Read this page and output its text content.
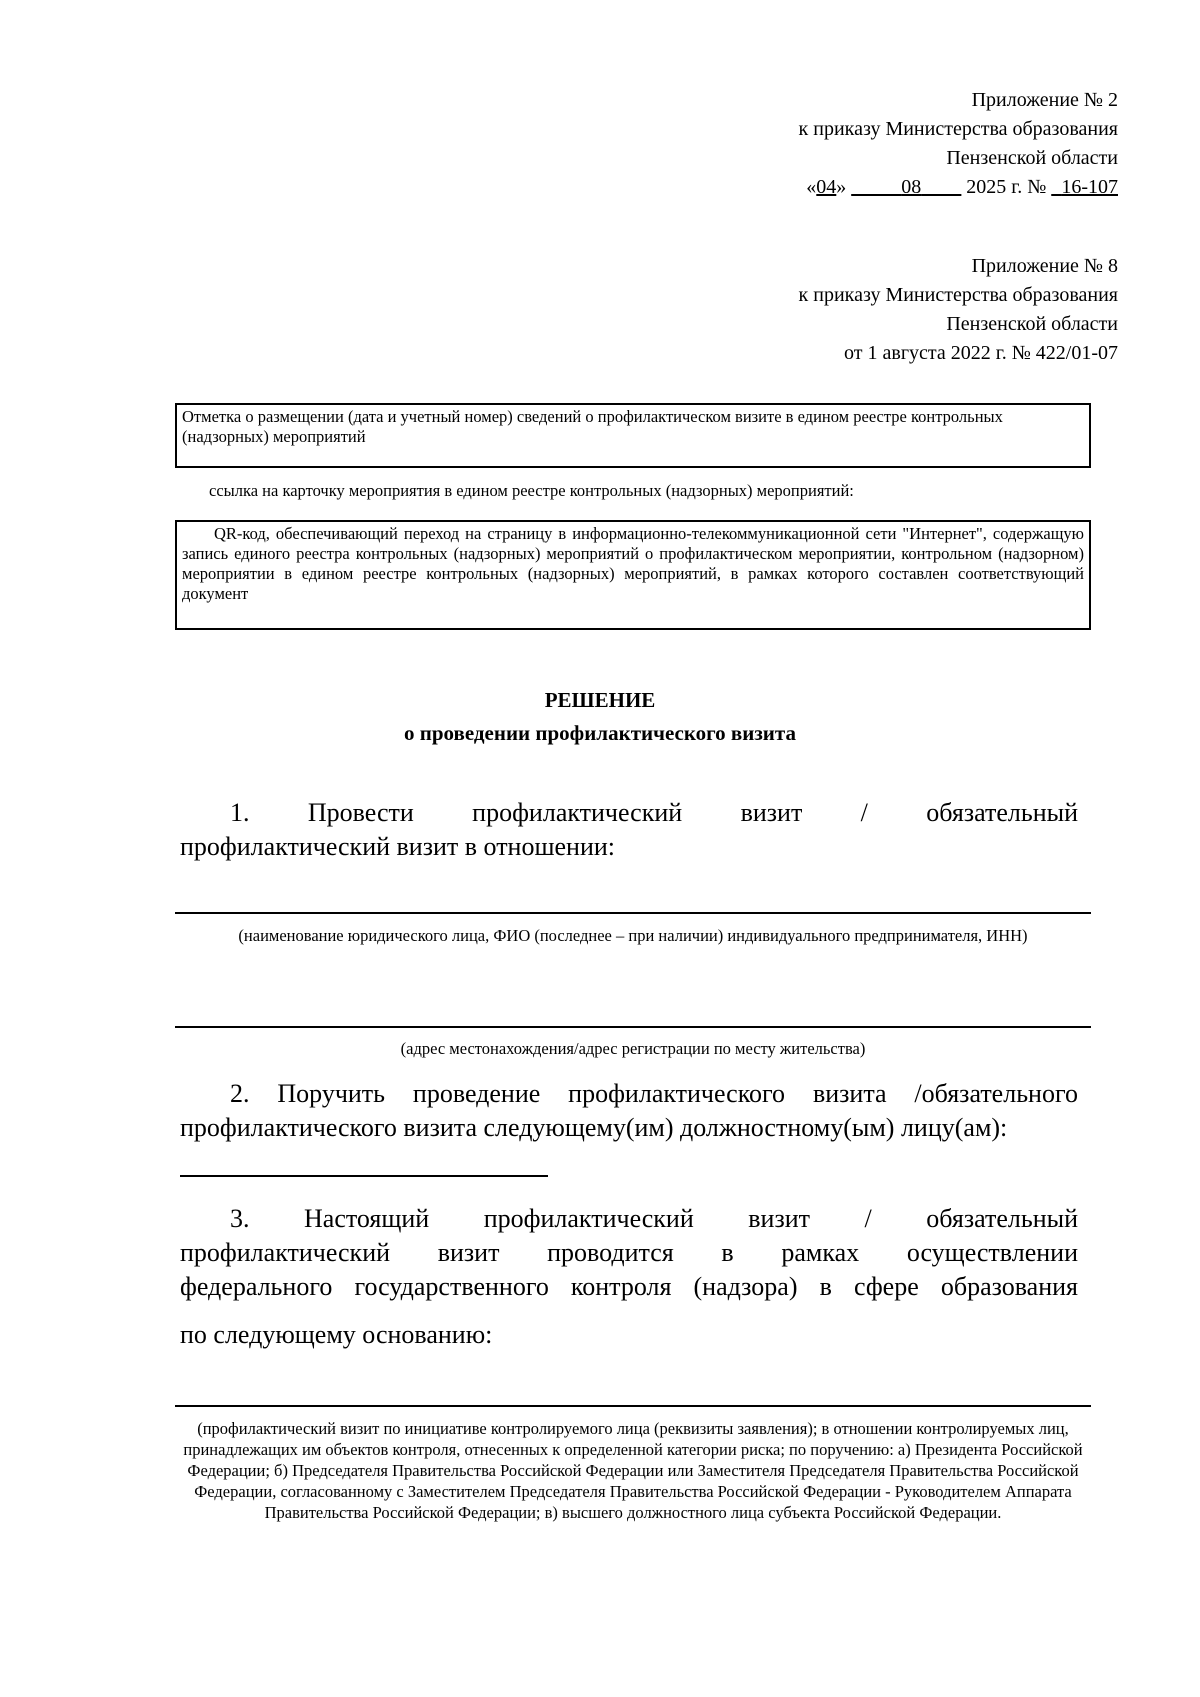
Приложение № 2
к приказу Министерства образования
Пензенской области
«04» _____08____ 2025 г. № _16-107
Приложение № 8
к приказу Министерства образования
Пензенской области
от 1 августа 2022 г. № 422/01-07
Отметка о размещении (дата и учетный номер) сведений о профилактическом визите в едином реестре контрольных (надзорных) мероприятий
ссылка на карточку мероприятия в едином реестре контрольных (надзорных) мероприятий:

QR-код, обеспечивающий переход на страницу в информационно-телекоммуникационной сети "Интернет", содержащую запись единого реестра контрольных (надзорных) мероприятий о профилактическом мероприятии, контрольном (надзорном) мероприятии в едином реестре контрольных (надзорных) мероприятий, в рамках которого составлен соответствующий документ

РЕШЕНИЕ
о проведении профилактического визита
1. Провести профилактический визит / обязательный
профилактический визит в отношении:
(наименование юридического лица, ФИО (последнее – при наличии) индивидуального предпринимателя, ИНН)
(адрес местонахождения/адрес регистрации по месту жительства)
2. Поручить проведение профилактического визита /обязательного
профилактического визита следующему(им) должностному(ым) лицу(ам):
3. Настоящий профилактический визит / обязательный
профилактический визит проводится в рамках осуществлении
федерального государственного контроля (надзора) в сфере образования
по следующему основанию:
(профилактический визит по инициативе контролируемого лица (реквизиты заявления); в отношении контролируемых лиц, принадлежащих им объектов контроля, отнесенных к определенной категории риска; по поручению: а) Президента Российской Федерации; б) Председателя Правительства Российской Федерации или Заместителя Председателя Правительства Российской Федерации, согласованному с Заместителем Председателя Правительства Российской Федерации - Руководителем Аппарата Правительства Российской Федерации; в) высшего должностного лица субъекта Российской Федерации.
